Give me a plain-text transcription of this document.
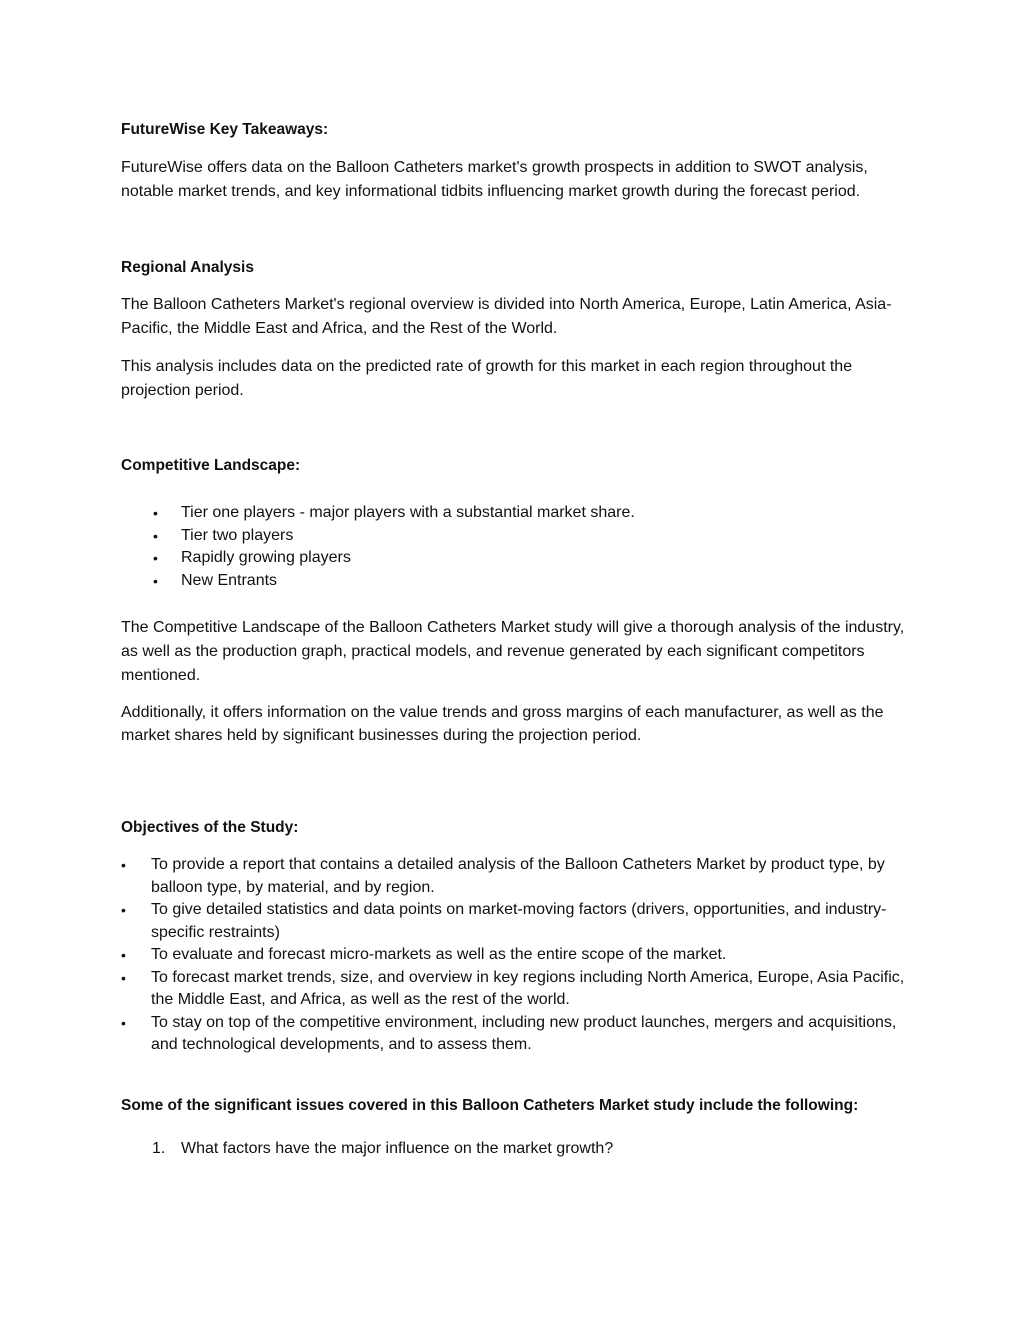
FutureWise Key Takeaways:

FutureWise offers data on the Balloon Catheters market's growth prospects in addition to SWOT analysis, notable market trends, and key informational tidbits influencing market growth during the forecast period.

Regional Analysis

The Balloon Catheters Market's regional overview is divided into North America, Europe, Latin America, Asia-Pacific, the Middle East and Africa, and the Rest of the World.

This analysis includes data on the predicted rate of growth for this market in each region throughout the projection period.

Competitive Landscape:

• Tier one players - major players with a substantial market share.
• Tier two players
• Rapidly growing players
• New Entrants

The Competitive Landscape of the Balloon Catheters Market study will give a thorough analysis of the industry, as well as the production graph, practical models, and revenue generated by each significant competitors mentioned.

Additionally, it offers information on the value trends and gross margins of each manufacturer, as well as the market shares held by significant businesses during the projection period.

Objectives of the Study:

• To provide a report that contains a detailed analysis of the Balloon Catheters Market by product type, by balloon type, by material, and by region.
• To give detailed statistics and data points on market-moving factors (drivers, opportunities, and industry-specific restraints)
• To evaluate and forecast micro-markets as well as the entire scope of the market.
• To forecast market trends, size, and overview in key regions including North America, Europe, Asia Pacific, the Middle East, and Africa, as well as the rest of the world.
• To stay on top of the competitive environment, including new product launches, mergers and acquisitions, and technological developments, and to assess them.

Some of the significant issues covered in this Balloon Catheters Market study include the following:

1. What factors have the major influence on the market growth?
